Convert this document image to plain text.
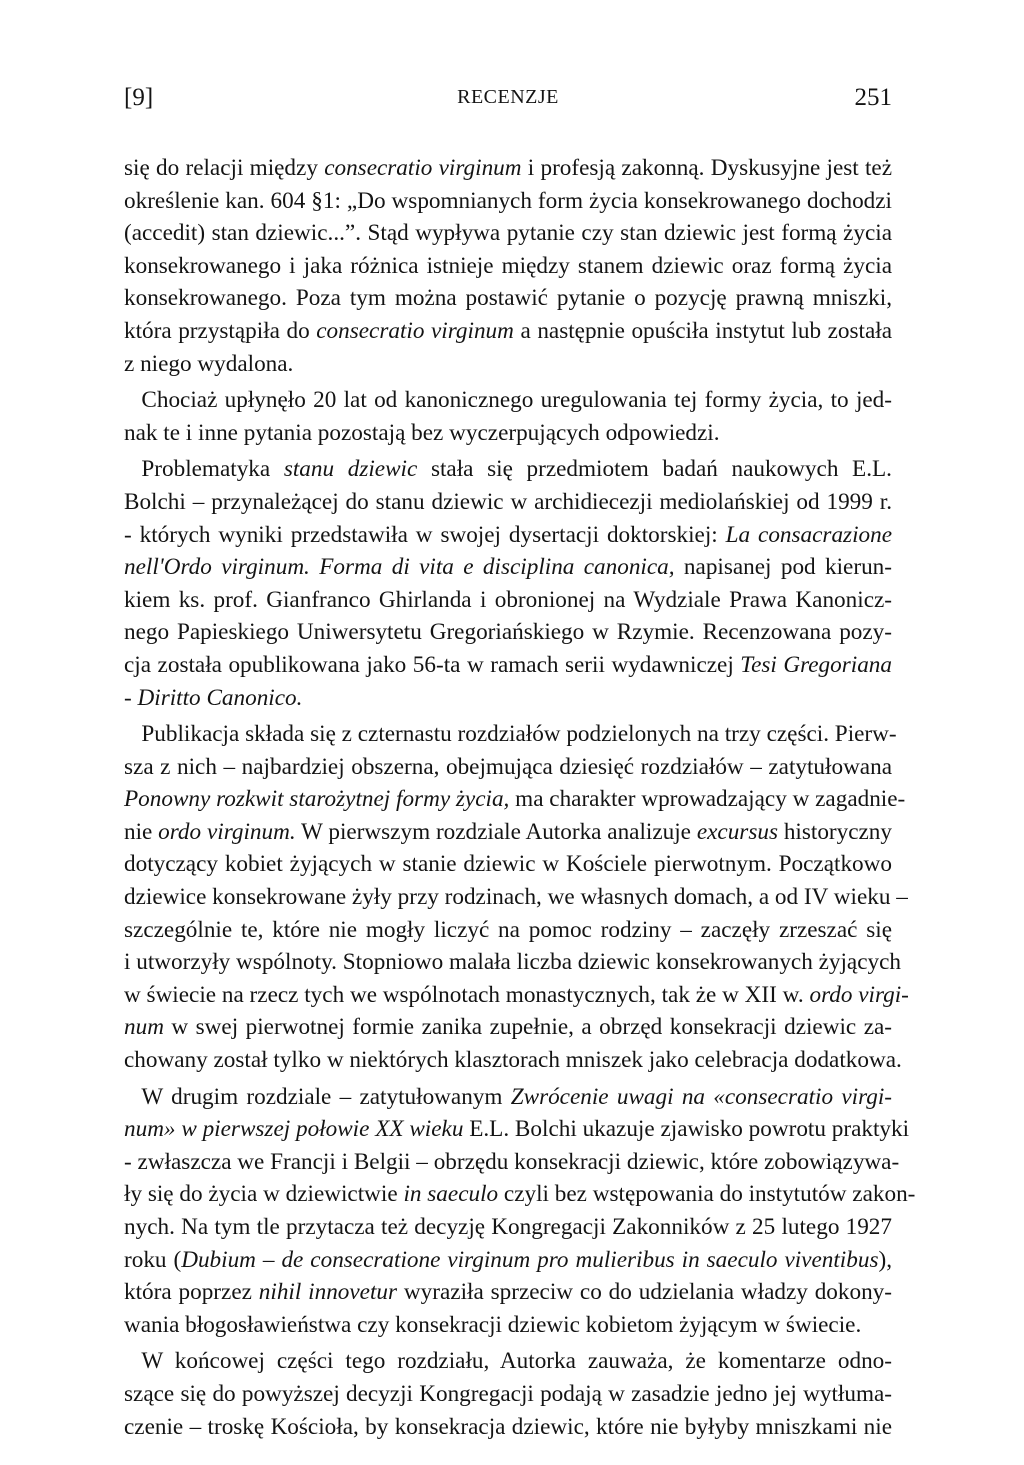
[9]	RECENZJE	251
się do relacji między consecratio virginum i profesją zakonną. Dyskusyjne jest też
określenie kan. 604 §1: „Do wspomnianych form życia konsekrowanego dochodzi
(accedit) stan dziewic...”. Stąd wypływa pytanie czy stan dziewic jest formą życia
konsekrowanego i jaka różnica istnieje między stanem dziewic oraz formą życia
konsekrowanego. Poza tym można postawić pytanie o pozycję prawną mniszki,
która przystąpiła do consecratio virginum a następnie opuściła instytut lub została
z niego wydalona.
Chociaż upłynęło 20 lat od kanonicznego uregulowania tej formy życia, to jed-
nak te i inne pytania pozostają bez wyczerpujących odpowiedzi.
Problematyka stanu dziewic stała się przedmiotem badań naukowych E.L.
Bolchi – przynależącej do stanu dziewic w archidiecezji mediolańskiej od 1999 r.
- których wyniki przedstawiła w swojej dysertacji doktorskiej: La consacrazione
nell'Ordo virginum. Forma di vita e disciplina canonica, napisanej pod kierun-
kiem ks. prof. Gianfranco Ghirlanda i obronionej na Wydziale Prawa Kanonicz-
nego Papieskiego Uniwersytetu Gregoriańskiego w Rzymie. Recenzowana pozy-
cja została opublikowana jako 56-ta w ramach serii wydawniczej Tesi Gregoriana
- Diritto Canonico.
Publikacja składa się z czternastu rozdziałów podzielonych na trzy części. Pierw-
sza z nich – najbardziej obszerna, obejmująca dziesięć rozdziałów – zatytułowana
Ponowny rozkwit starożytnej formy życia, ma charakter wprowadzający w zagadnie-
nie ordo virginum. W pierwszym rozdziale Autorka analizuje excursus historyczny
dotyczący kobiet żyjących w stanie dziewic w Kościele pierwotnym. Początkowo
dziewice konsekrowane żyły przy rodzinach, we własnych domach, a od IV wieku –
szczególnie te, które nie mogły liczyć na pomoc rodziny – zaczęły zrzeszać się
i utworzyły wspólnoty. Stopniowo malała liczba dziewic konsekrowanych żyjących
w świecie na rzecz tych we wspólnotach monastycznych, tak że w XII w. ordo virgi-
num w swej pierwotnej formie zanika zupełnie, a obrzęd konsekracji dziewic za-
chowany został tylko w niektórych klasztorach mniszek jako celebracja dodatkowa.
W drugim rozdziale – zatytułowanym Zwrócenie uwagi na «consecratio virgi-
num» w pierwszej połowie XX wieku E.L. Bolchi ukazuje zjawisko powrotu praktyki
- zwłaszcza we Francji i Belgii – obrzędu konsekracji dziewic, które zobowiązywa-
ły się do życia w dziewictwie in saeculo czyli bez wstępowania do instytutów zakon-
nych. Na tym tle przytacza też decyzję Kongregacji Zakonników z 25 lutego 1927
roku (Dubium – de consecratione virginum pro mulieribus in saeculo viventibus),
która poprzez nihil innovetur wyraziła sprzeciw co do udzielania władzy dokony-
wania błogosławieństwa czy konsekracji dziewic kobietom żyjącym w świecie.
W końcowej części tego rozdziału, Autorka zauważa, że komentarze odno-
szące się do powyższej decyzji Kongregacji podają w zasadzie jedno jej wytłuma-
czenie – troskę Kościoła, by konsekracja dziewic, które nie byłyby mniszkami nie
